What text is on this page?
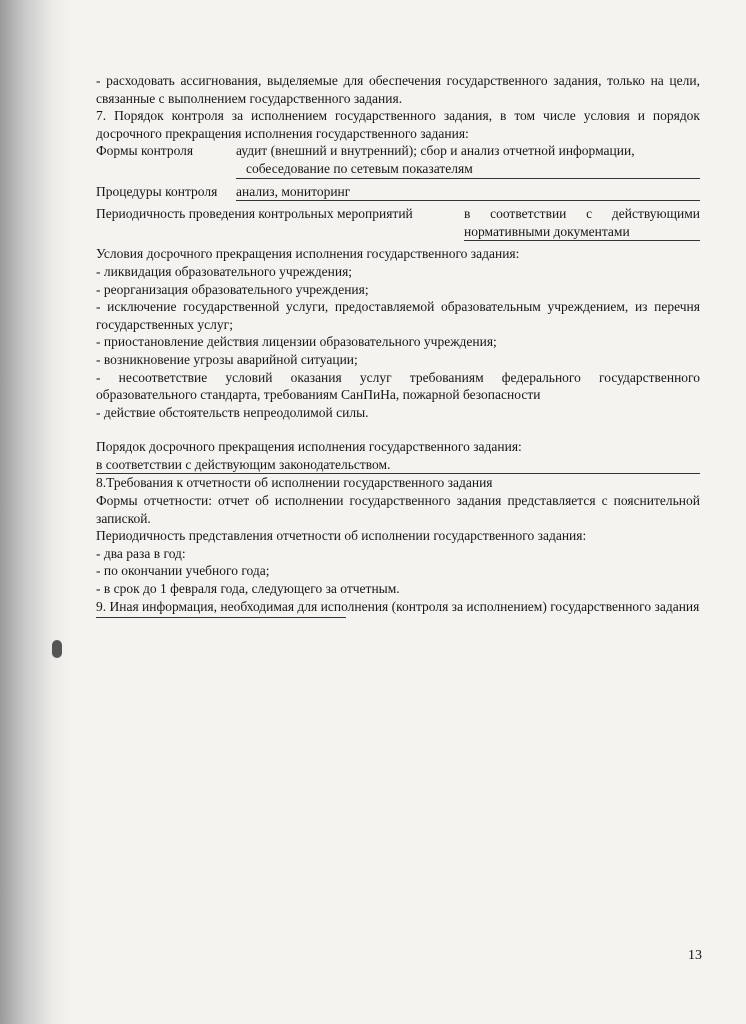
- расходовать ассигнования, выделяемые для обеспечения государственного задания, только на цели, связанные с выполнением государственного задания.

7. Порядок контроля за исполнением государственного задания, в том числе условия и порядок досрочного прекращения исполнения государственного задания:

Формы контроля	аудит (внешний и внутренний); сбор и анализ отчетной информации,
собеседование по сетевым показателям
Процедуры контроля	анализ, мониторинг
Периодичность проведения контрольных мероприятий	в соответствии с действующими
нормативными документами

Условия досрочного прекращения исполнения государственного задания:

- ликвидация образовательного учреждения;

- реорганизация образовательного учреждения;

- исключение государственной услуги, предоставляемой образовательным учреждением, из перечня государственных услуг;

- приостановление действия лицензии образовательного учреждения;

- возникновение угрозы аварийной ситуации;

- несоответствие условий оказания услуг требованиям федерального государственного образовательного стандарта, требованиям СанПиНа, пожарной безопасности

- действие обстоятельств непреодолимой силы.

Порядок досрочного прекращения исполнения государственного задания:

в соответствии с действующим законодательством.

8.Требования к отчетности об исполнении государственного задания

Формы отчетности: отчет об исполнении государственного задания представляется с пояснительной запиской.

Периодичность представления отчетности об исполнении государственного задания:

- два раза в год:

- по окончании учебного года;

- в срок до 1 февраля года, следующего за отчетным.

9. Иная информация, необходимая для исполнения (контроля за исполнением) государственного задания

13
